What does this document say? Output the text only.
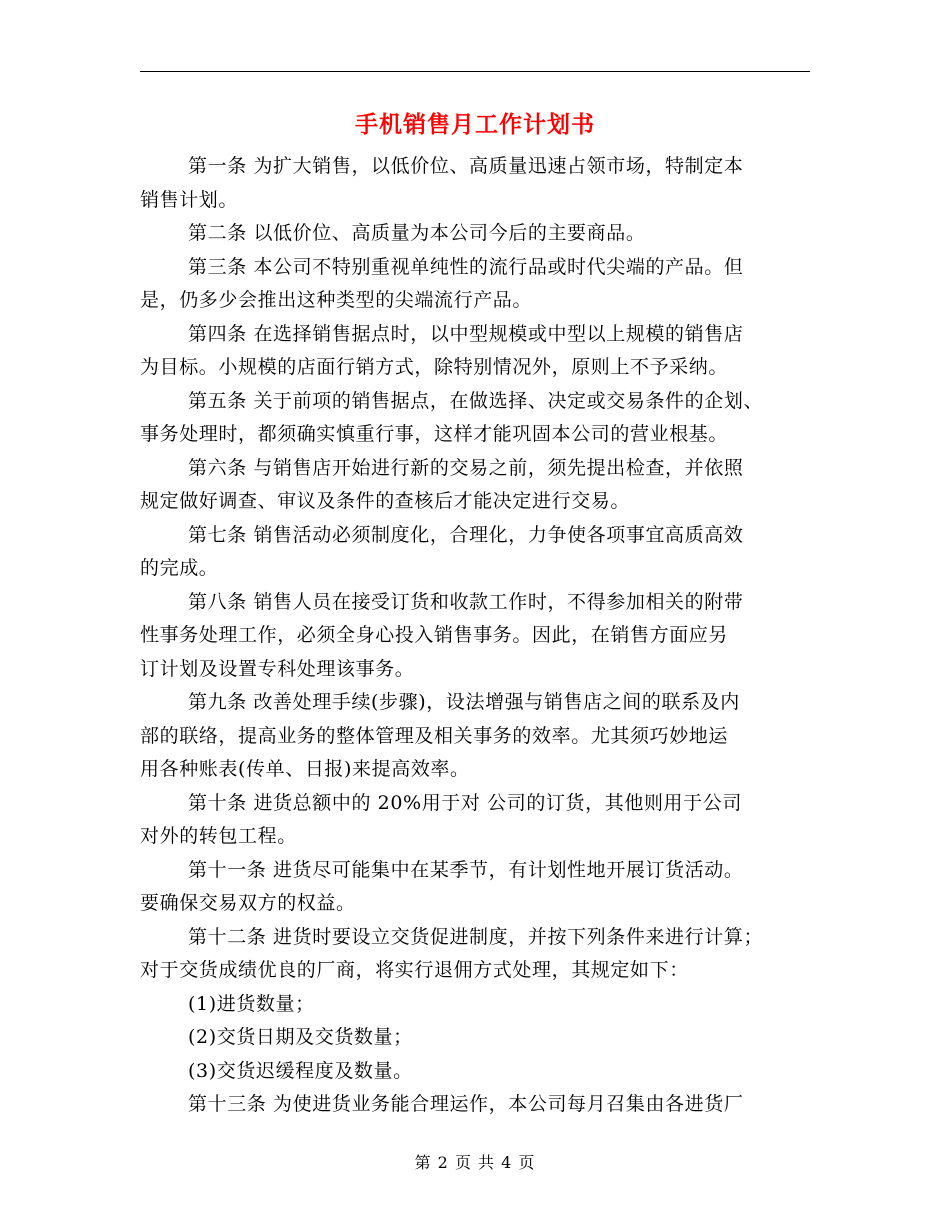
手机销售月工作计划书
第一条 为扩大销售，以低价位、高质量迅速占领市场，特制定本
销售计划。
第二条 以低价位、高质量为本公司今后的主要商品。
第三条 本公司不特别重视单纯性的流行品或时代尖端的产品。但
是，仍多少会推出这种类型的尖端流行产品。
第四条 在选择销售据点时，以中型规模或中型以上规模的销售店
为目标。小规模的店面行销方式，除特别情况外，原则上不予采纳。
第五条 关于前项的销售据点，在做选择、决定或交易条件的企划、
事务处理时，都须确实慎重行事，这样才能巩固本公司的营业根基。
第六条 与销售店开始进行新的交易之前，须先提出检查，并依照
规定做好调查、审议及条件的查核后才能决定进行交易。
第七条 销售活动必须制度化，合理化，力争使各项事宜高质高效
的完成。
第八条 销售人员在接受订货和收款工作时，不得参加相关的附带
性事务处理工作，必须全身心投入销售事务。因此，在销售方面应另
订计划及设置专科处理该事务。
第九条 改善处理手续(步骤)，设法增强与销售店之间的联系及内
部的联络，提高业务的整体管理及相关事务的效率。尤其须巧妙地运
用各种账表(传单、日报)来提高效率。
第十条 进货总额中的 20%用于对 公司的订货，其他则用于公司
对外的转包工程。
第十一条 进货尽可能集中在某季节，有计划性地开展订货活动。
要确保交易双方的权益。
第十二条 进货时要设立交货促进制度，并按下列条件来进行计算；
对于交货成绩优良的厂商，将实行退佣方式处理，其规定如下：
(1)进货数量；
(2)交货日期及交货数量；
(3)交货迟缓程度及数量。
第十三条 为使进货业务能合理运作，本公司每月召集由各进货厂
第 2 页 共 4 页
